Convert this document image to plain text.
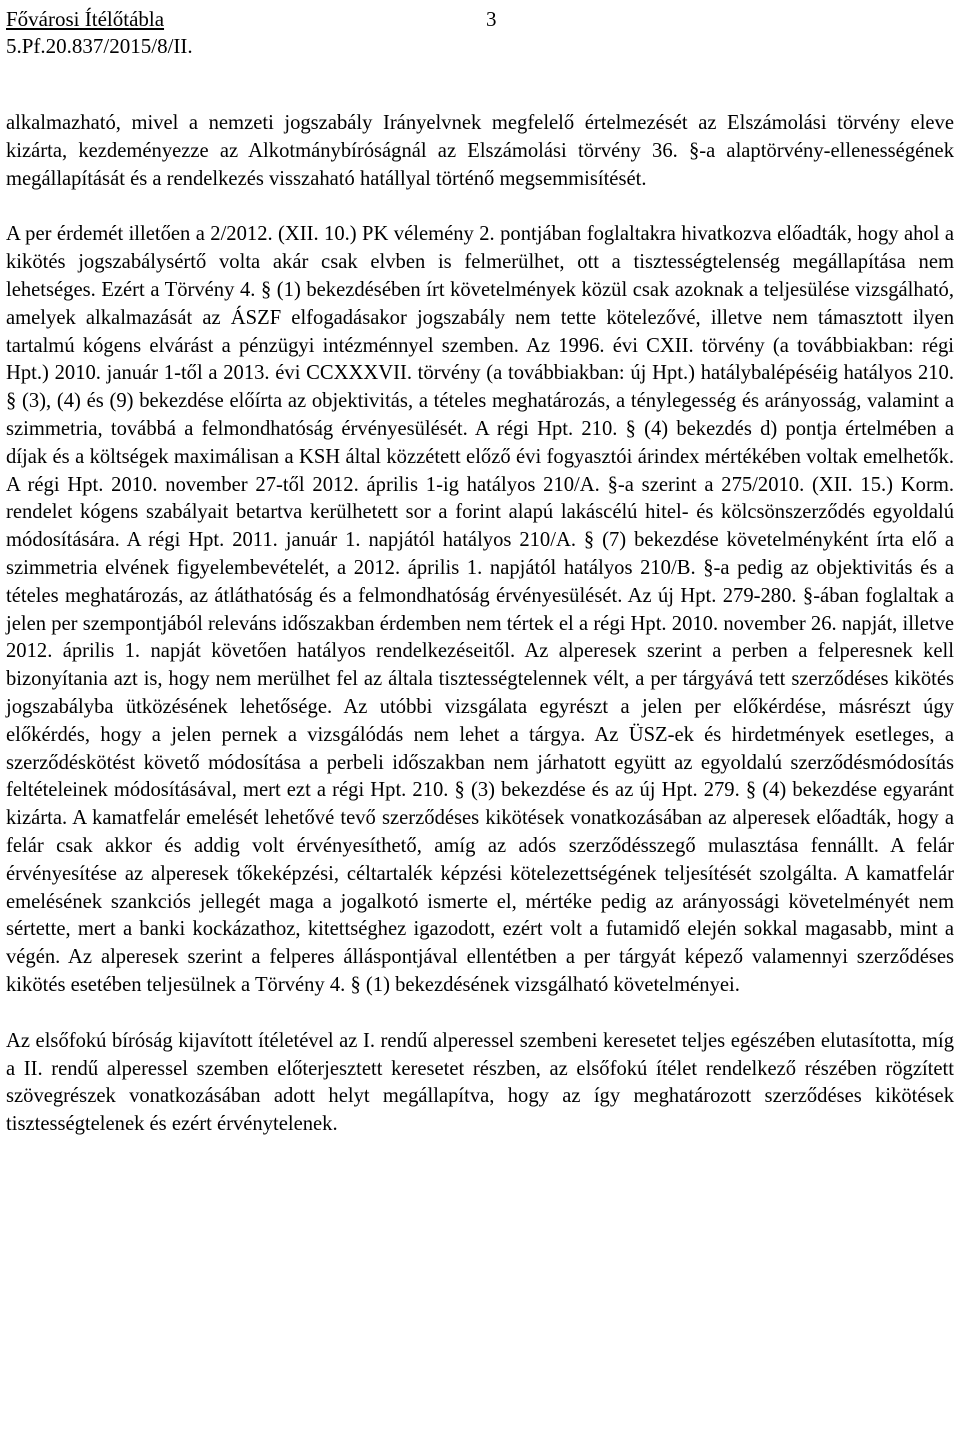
Fővárosi Ítélőtábla
5.Pf.20.837/2015/8/II.
3

alkalmazható, mivel a nemzeti jogszabály Irányelvnek megfelelő értelmezését az Elszámolási törvény eleve kizárta, kezdeményezze az Alkotmánybíróságnál az Elszámolási törvény 36. §-a alaptörvény-ellenességének megállapítását és a rendelkezés visszaható hatállyal történő megsemmisítését.

A per érdemét illetően a 2/2012. (XII. 10.) PK vélemény 2. pontjában foglaltakra hivatkozva előadták, hogy ahol a kikötés jogszabálysértő volta akár csak elvben is felmerülhet, ott a tisztességtelenség megállapítása nem lehetséges. Ezért a Törvény 4. § (1) bekezdésében írt követelmények közül csak azoknak a teljesülése vizsgálható, amelyek alkalmazását az ÁSZF elfogadásakor jogszabály nem tette kötelezővé, illetve nem támasztott ilyen tartalmú kógens elvárást a pénzügyi intézménnyel szemben. Az 1996. évi CXII. törvény (a továbbiakban: régi Hpt.) 2010. január 1-től a 2013. évi CCXXXVII. törvény (a továbbiakban: új Hpt.) hatálybalépéséig hatályos 210. § (3), (4) és (9) bekezdése előírta az objektivitás, a tételes meghatározás, a ténylegesség és arányosság, valamint a szimmetria, továbbá a felmondhatóság érvényesülését. A régi Hpt. 210. § (4) bekezdés d) pontja értelmében a díjak és a költségek maximálisan a KSH által közzétett előző évi fogyasztói árindex mértékében voltak emelhetők. A régi Hpt. 2010. november 27-től 2012. április 1-ig hatályos 210/A. §-a szerint a 275/2010. (XII. 15.) Korm. rendelet kógens szabályait betartva kerülhetett sor a forint alapú lakáscélú hitel- és kölcsönszerződés egyoldalú módosítására. A régi Hpt. 2011. január 1. napjától hatályos 210/A. § (7) bekezdése követelményként írta elő a szimmetria elvének figyelembevételét, a 2012. április 1. napjától hatályos 210/B. §-a pedig az objektivitás és a tételes meghatározás, az átláthatóság és a felmondhatóság érvényesülését. Az új Hpt. 279-280. §-ában foglaltak a jelen per szempontjából releváns időszakban érdemben nem tértek el a régi Hpt. 2010. november 26. napját, illetve 2012. április 1. napját követően hatályos rendelkezéseitől. Az alperesek szerint a perben a felperesnek kell bizonyítania azt is, hogy nem merülhet fel az általa tisztességtelennek vélt, a per tárgyává tett szerződéses kikötés jogszabályba ütközésének lehetősége. Az utóbbi vizsgálata egyrészt a jelen per előkérdése, másrészt úgy előkérdés, hogy a jelen pernek a vizsgálódás nem lehet a tárgya. Az ÜSZ-ek és hirdetmények esetleges, a szerződéskötést követő módosítása a perbeli időszakban nem járhatott együtt az egyoldalú szerződésmódosítás feltételeinek módosításával, mert ezt a régi Hpt. 210. § (3) bekezdése és az új Hpt. 279. § (4) bekezdése egyaránt kizárta. A kamatfelár emelését lehetővé tevő szerződéses kikötések vonatkozásában az alperesek előadták, hogy a felár csak akkor és addig volt érvényesíthető, amíg az adós szerződésszegő mulasztása fennállt. A felár érvényesítése az alperesek tőkeképzési, céltartalék képzési kötelezettségének teljesítését szolgálta. A kamatfelár emelésének szankciós jellegét maga a jogalkotó ismerte el, mértéke pedig az arányossági követelményét nem sértette, mert a banki kockázathoz, kitettséghez igazodott, ezért volt a futamidő elején sokkal magasabb, mint a végén. Az alperesek szerint a felperes álláspontjával ellentétben a per tárgyát képező valamennyi szerződéses kikötés esetében teljesülnek a Törvény 4. § (1) bekezdésének vizsgálható követelményei.

Az elsőfokú bíróság kijavított ítéletével az I. rendű alperessel szembeni keresetet teljes egészében elutasította, míg a II. rendű alperessel szemben előterjesztett keresetet részben, az elsőfokú ítélet rendelkező részében rögzített szövegrészek vonatkozásában adott helyt megállapítva, hogy az így meghatározott szerződéses kikötések tisztességtelenek és ezért érvénytelenek.
